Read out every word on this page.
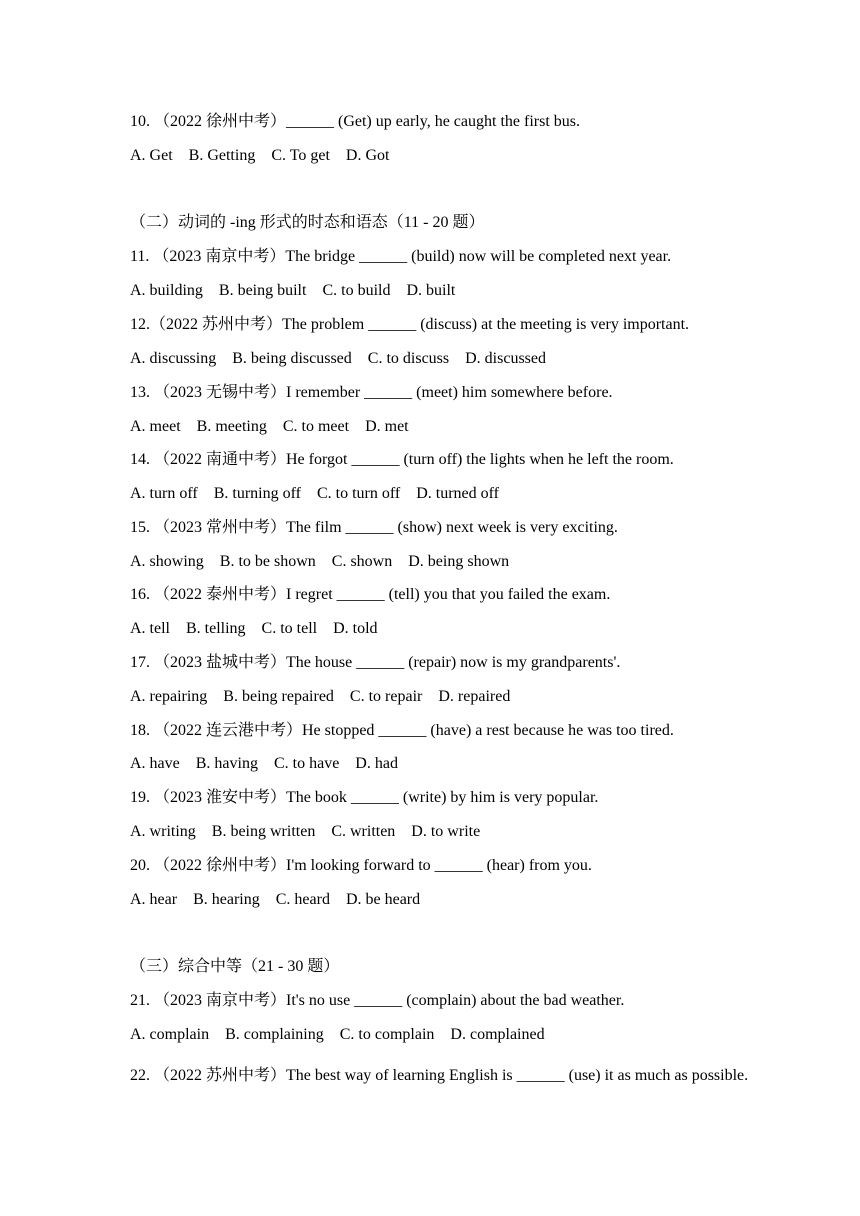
10. （2022 徐州中考）______ (Get) up early, he caught the first bus.
A. Get　B. Getting　C. To get　D. Got
（二）动词的 -ing 形式的时态和语态（11 - 20 题）
11. （2023 南京中考）The bridge ______ (build) now will be completed next year.
A. building　B. being built　C. to build　D. built
12.（2022 苏州中考）The problem ______ (discuss) at the meeting is very important.
A. discussing　B. being discussed　C. to discuss　D. discussed
13. （2023 无锡中考）I remember ______ (meet) him somewhere before.
A. meet　B. meeting　C. to meet　D. met
14. （2022 南通中考）He forgot ______ (turn off) the lights when he left the room.
A. turn off　B. turning off　C. to turn off　D. turned off
15. （2023 常州中考）The film ______ (show) next week is very exciting.
A. showing　B. to be shown　C. shown　D. being shown
16. （2022 泰州中考）I regret ______ (tell) you that you failed the exam.
A. tell　B. telling　C. to tell　D. told
17. （2023 盐城中考）The house ______ (repair) now is my grandparents'.
A. repairing　B. being repaired　C. to repair　D. repaired
18. （2022 连云港中考）He stopped ______ (have) a rest because he was too tired.
A. have　B. having　C. to have　D. had
19. （2023 淮安中考）The book ______ (write) by him is very popular.
A. writing　B. being written　C. written　D. to write
20. （2022 徐州中考）I'm looking forward to ______ (hear) from you.
A. hear　B. hearing　C. heard　D. be heard
（三）综合中等（21 - 30 题）
21. （2023 南京中考）It's no use ______ (complain) about the bad weather.
A. complain　B. complaining　C. to complain　D. complained
22. （2022 苏州中考）The best way of learning English is ______ (use) it as much as possible.
